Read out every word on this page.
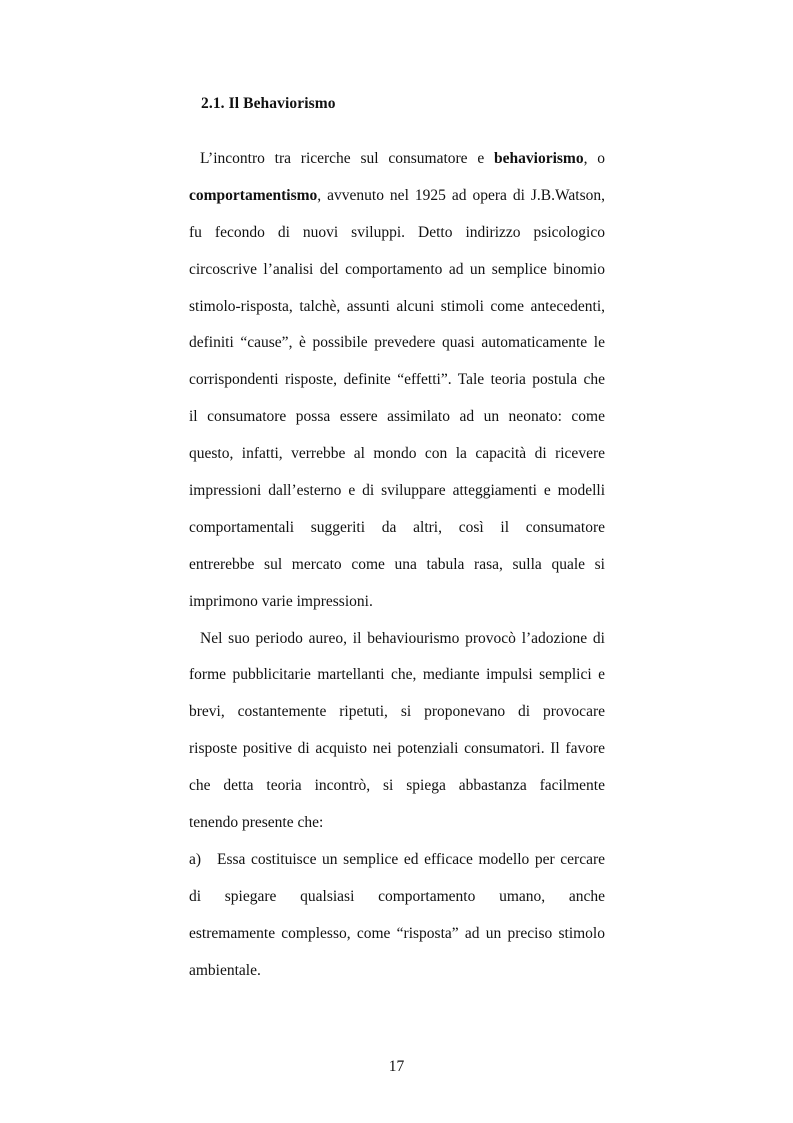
2.1. Il Behaviorismo
L’incontro tra ricerche sul consumatore e behaviorismo, o
comportamentismo, avvenuto nel 1925 ad opera di J.B.Watson,
fu fecondo di nuovi sviluppi. Detto indirizzo psicologico
circoscrive l’analisi del comportamento ad un semplice binomio
stimolo-risposta, talchè, assunti alcuni stimoli come antecedenti,
definiti “cause”, è possibile prevedere quasi automaticamente le
corrispondenti risposte, definite “effetti”. Tale teoria postula che
il consumatore possa essere assimilato ad un neonato: come
questo, infatti, verrebbe al mondo con la capacità di ricevere
impressioni dall’esterno e di sviluppare atteggiamenti e modelli
comportamentali suggeriti da altri, così il consumatore
entrerebbe sul mercato come una tabula rasa, sulla quale si
imprimono varie impressioni.
Nel suo periodo aureo, il behaviourismo provocò l’adozione di
forme pubblicitarie martellanti che, mediante impulsi semplici e
brevi, costantemente ripetuti, si proponevano di provocare
risposte positive di acquisto nei potenziali consumatori. Il favore
che detta teoria incontrò, si spiega abbastanza facilmente
tenendo presente che:
a) Essa costituisce un semplice ed efficace modello per cercare
di spiegare qualsiasi comportamento umano, anche
estremamente complesso, come “risposta” ad un preciso stimolo
ambientale.
17
